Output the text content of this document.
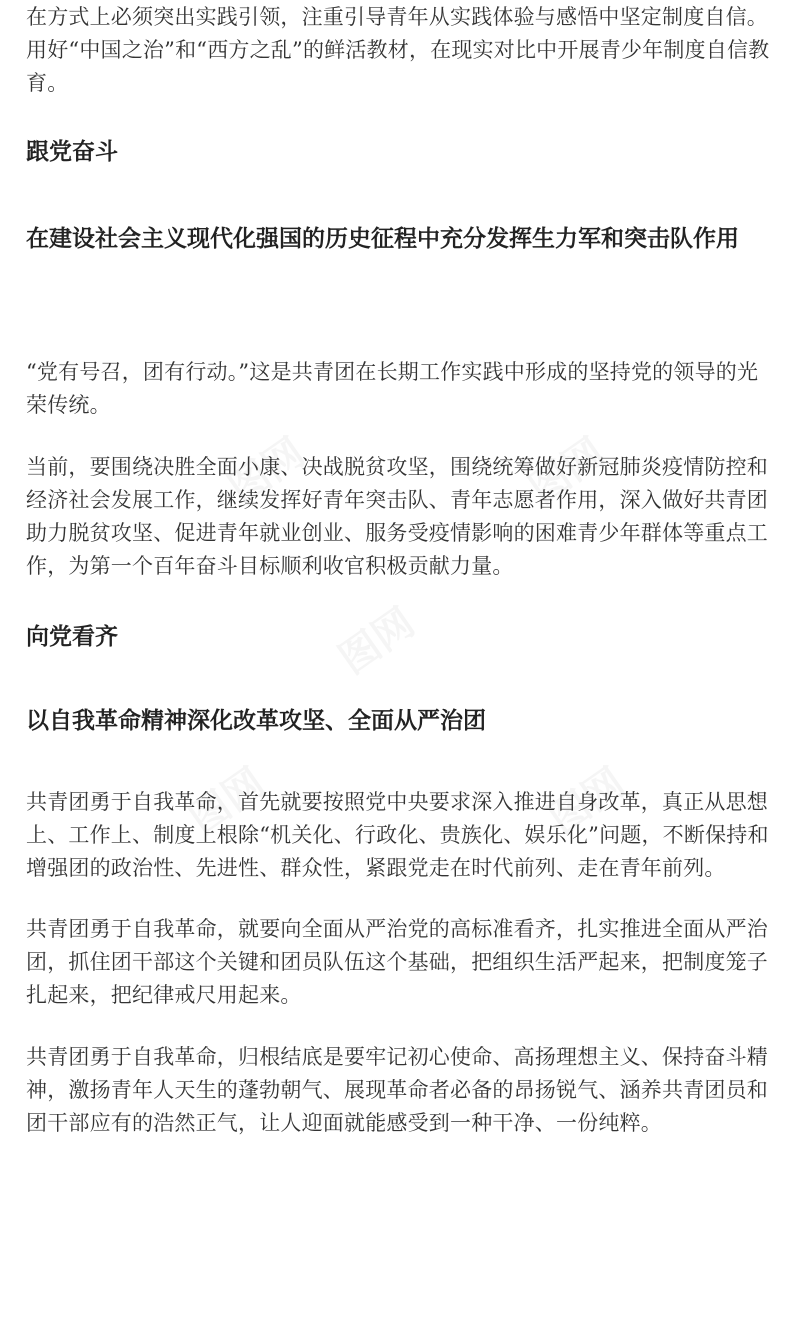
图网	图网
图网
图网	图网

在方式上必须突出实践引领，注重引导青年从实践体验与感悟中坚定制度自信。用好“中国之治”和“西方之乱”的鲜活教材，在现实对比中开展青少年制度自信教育。

跟党奋斗
在建设社会主义现代化强国的历史征程中充分发挥生力军和突击队作用

“党有号召，团有行动。”这是共青团在长期工作实践中形成的坚持党的领导的光荣传统。

当前，要围绕决胜全面小康、决战脱贫攻坚，围绕统筹做好新冠肺炎疫情防控和经济社会发展工作，继续发挥好青年突击队、青年志愿者作用，深入做好共青团助力脱贫攻坚、促进青年就业创业、服务受疫情影响的困难青少年群体等重点工作，为第一个百年奋斗目标顺利收官积极贡献力量。

向党看齐
以自我革命精神深化改革攻坚、全面从严治团

共青团勇于自我革命，首先就要按照党中央要求深入推进自身改革，真正从思想上、工作上、制度上根除“机关化、行政化、贵族化、娱乐化”问题，不断保持和增强团的政治性、先进性、群众性，紧跟党走在时代前列、走在青年前列。

共青团勇于自我革命，就要向全面从严治党的高标准看齐，扎实推进全面从严治团，抓住团干部这个关键和团员队伍这个基础，把组织生活严起来，把制度笼子扎起来，把纪律戒尺用起来。

共青团勇于自我革命，归根结底是要牢记初心使命、高扬理想主义、保持奋斗精神，激扬青年人天生的蓬勃朝气、展现革命者必备的昂扬锐气、涵养共青团员和团干部应有的浩然正气，让人迎面就能感受到一种干净、一份纯粹。
